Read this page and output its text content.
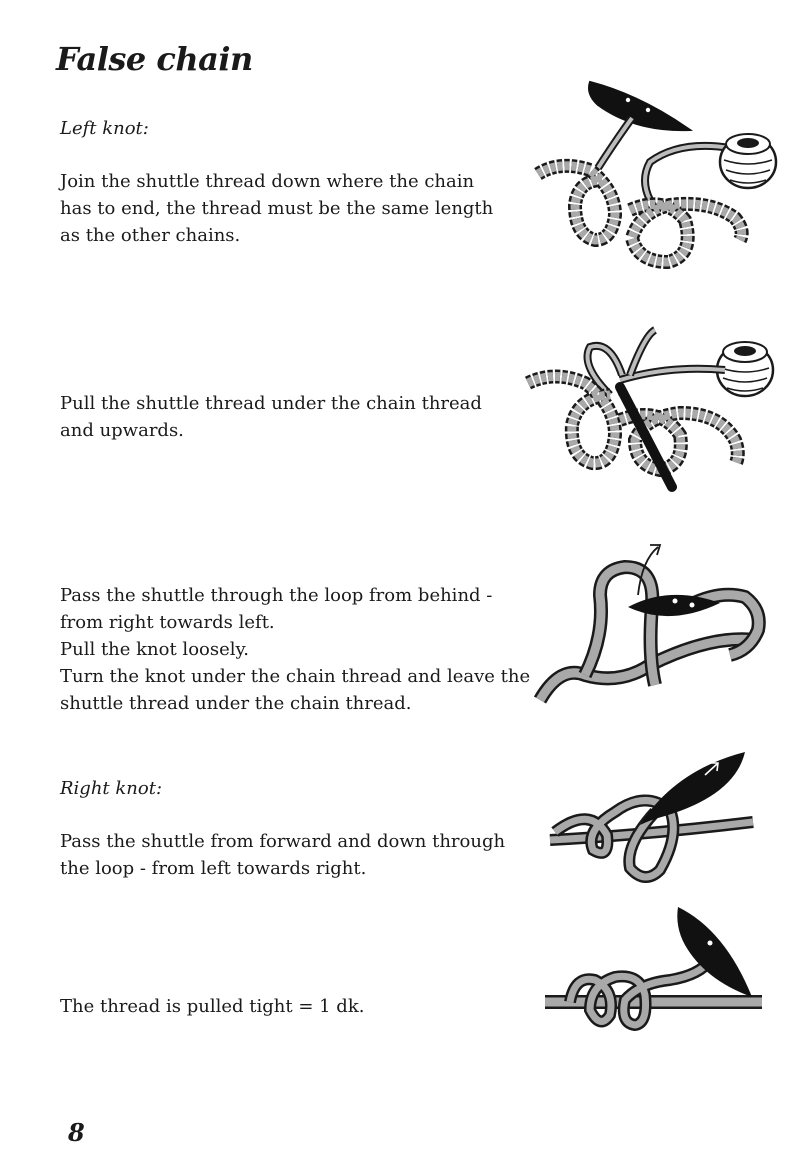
False chain
Left knot:
Join the shuttle thread down where the chain
has to end, the thread must be the same length
as the other chains.
Pull the shuttle thread under the chain thread
and upwards.
Pass the shuttle through the loop from behind -
from right towards left.
Pull the knot loosely.
Turn the knot under the chain thread and leave the
shuttle thread under the chain thread.
Right knot:
Pass the shuttle from forward and down through
the loop - from left towards right.
The thread is pulled tight = 1 dk.
8
